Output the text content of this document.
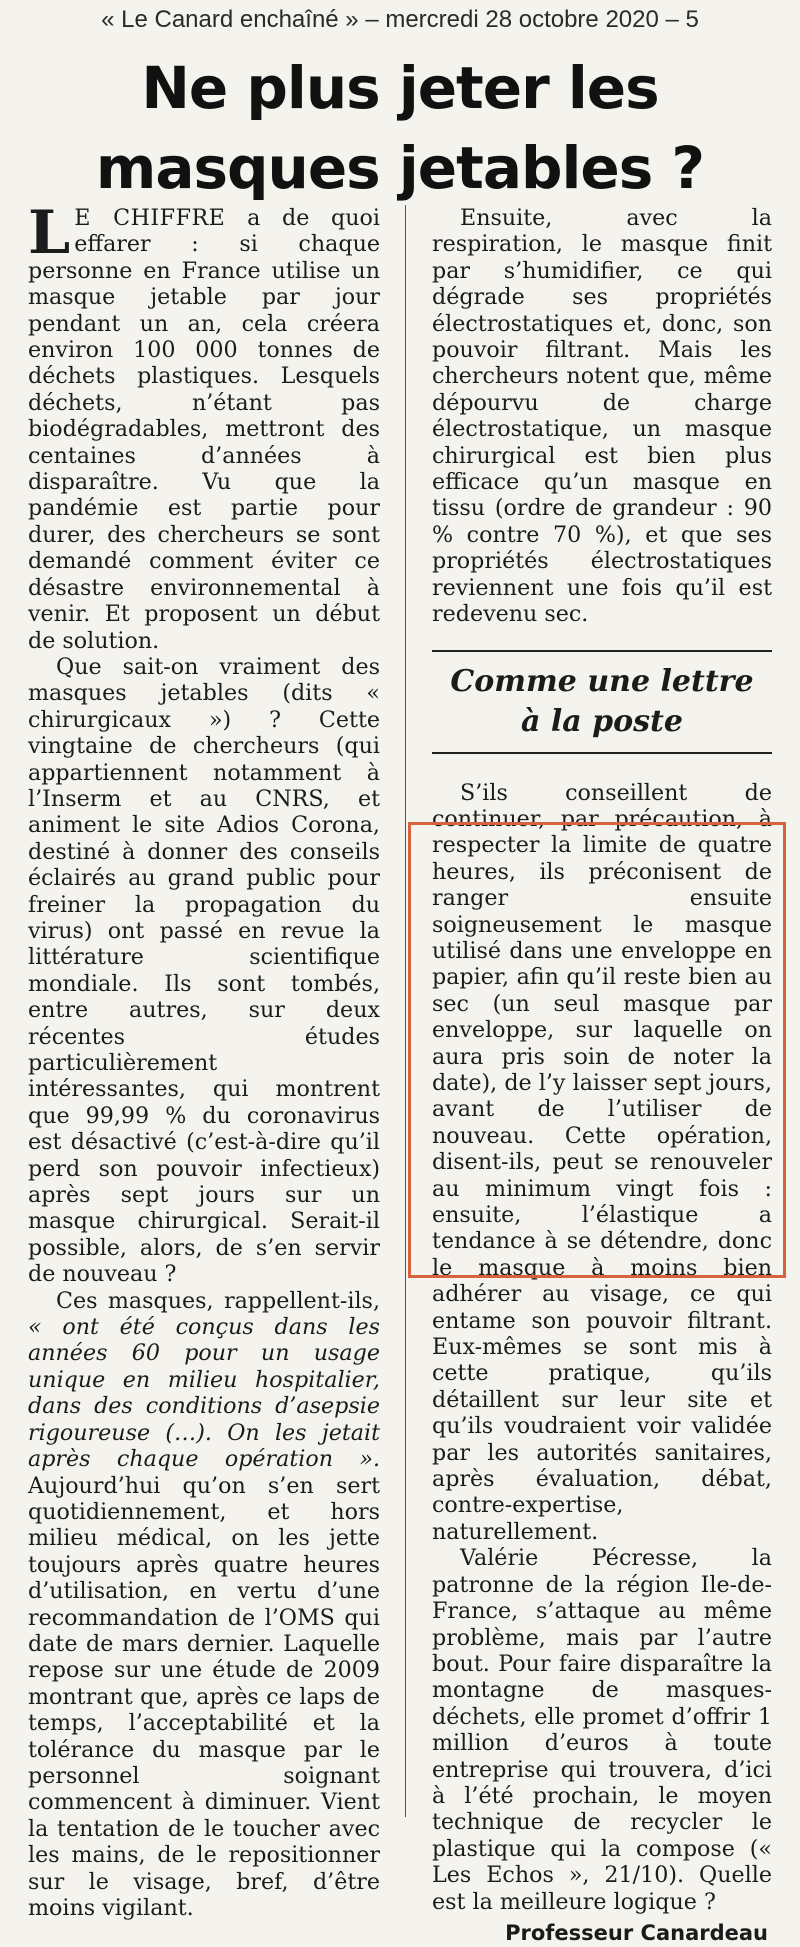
« Le Canard enchaîné » – mercredi 28 octobre 2020 – 5
Ne plus jeter les
masques jetables ?

L E CHIFFRE a de quoi effarer : si chaque personne en France utilise un masque jetable par jour pendant un an, cela créera environ 100 000 tonnes de déchets plastiques. Lesquels déchets, n’étant pas biodégradables, mettront des centaines d’années à disparaître. Vu que la pandémie est partie pour durer, des chercheurs se sont demandé comment éviter ce désastre environnemental à venir. Et proposent un début de solution.

Que sait-on vraiment des masques jetables (dits « chirurgicaux ») ? Cette vingtaine de chercheurs (qui appartiennent notamment à l’Inserm et au CNRS, et animent le site Adios Corona, destiné à donner des conseils éclairés au grand public pour freiner la propagation du virus) ont passé en revue la littérature scientifique mondiale. Ils sont tombés, entre autres, sur deux récentes études particulièrement intéressantes, qui montrent que 99,99 % du coronavirus est désactivé (c’est-à-dire qu’il perd son pouvoir infectieux) après sept jours sur un masque chirurgical. Serait-il possible, alors, de s’en servir de nouveau ?

Ces masques, rappellent-ils, « ont été conçus dans les années 60 pour un usage unique en milieu hospitalier, dans des conditions d’asepsie rigoureuse (…). On les jetait après chaque opération ». Aujourd’hui qu’on s’en sert quotidiennement, et hors milieu médical, on les jette toujours après quatre heures d’utilisation, en vertu d’une recommandation de l’OMS qui date de mars dernier. Laquelle repose sur une étude de 2009 montrant que, après ce laps de temps, l’acceptabilité et la tolérance du masque par le personnel soignant commencent à diminuer. Vient la tentation de le toucher avec les mains, de le repositionner sur le visage, bref, d’être moins vigilant.

Ensuite, avec la respiration, le masque finit par s’humidifier, ce qui dégrade ses propriétés électrostatiques et, donc, son pouvoir filtrant. Mais les chercheurs notent que, même dépourvu de charge électrostatique, un masque chirurgical est bien plus efficace qu’un masque en tissu (ordre de grandeur : 90 % contre 70 %), et que ses propriétés électrostatiques reviennent une fois qu’il est redevenu sec.

Comme une lettre
à la poste

S’ils conseillent de continuer, par précaution, à respecter la limite de quatre heures, ils préconisent de ranger ensuite soigneusement le masque utilisé dans une enveloppe en papier, afin qu’il reste bien au sec (un seul masque par enveloppe, sur laquelle on aura pris soin de noter la date), de l’y laisser sept jours, avant de l’utiliser de nouveau. Cette opération, disent-ils, peut se renouveler au minimum vingt fois : ensuite, l’élastique a tendance à se détendre, donc le masque à moins bien adhérer au visage, ce qui entame son pouvoir filtrant. Eux-mêmes se sont mis à cette pratique, qu’ils détaillent sur leur site et qu’ils voudraient voir validée par les autorités sanitaires, après évaluation, débat, contre-expertise, naturellement.

Valérie Pécresse, la patronne de la région Ile-de-France, s’attaque au même problème, mais par l’autre bout. Pour faire disparaître la montagne de masques-déchets, elle promet d’offrir 1 million d’euros à toute entreprise qui trouvera, d’ici à l’été prochain, le moyen technique de recycler le plastique qui la compose (« Les Echos », 21/10). Quelle est la meilleure logique ?

Professeur Canardeau
